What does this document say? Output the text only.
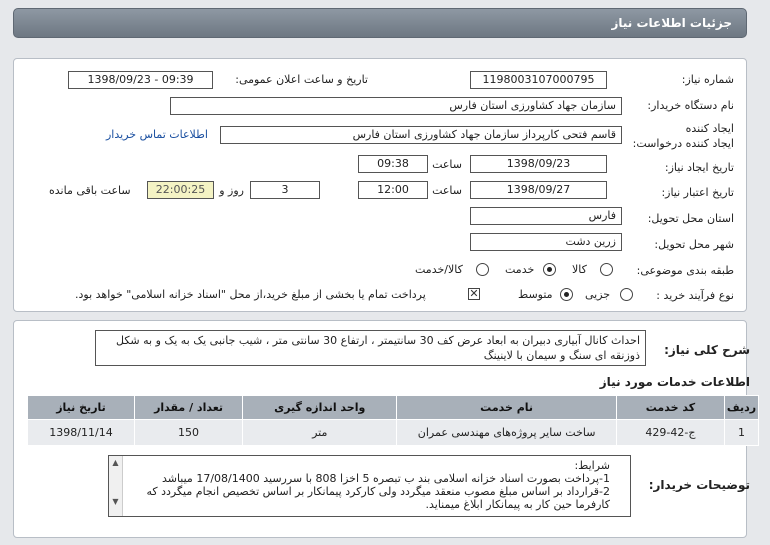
جزئیات اطلاعات نیاز
شماره نیاز:
1198003107000795
تاریخ و ساعت اعلان عمومی:
1398/09/23 - 09:39
نام دستگاه خریدار:
سازمان جهاد کشاورزی استان فارس
ایجاد کننده
ایجاد کننده درخواست:
قاسم فتحی کارپرداز سازمان جهاد کشاورزی استان فارس
اطلاعات تماس خریدار
تاریخ ایجاد نیاز:
1398/09/23
ساعت
09:38
تاریخ اعتبار نیاز:
1398/09/27
ساعت
12:00
3
روز و
22:00:25
ساعت باقی مانده
استان محل تحویل:
فارس
شهر محل تحویل:
زرین دشت
طبقه بندی موضوعی:
کالا
خدمت
کالا/خدمت
نوع فرآیند خرید :
جزیی
متوسط
✕
پرداخت تمام یا بخشی از مبلغ خرید،از محل "اسناد خزانه اسلامی" خواهد بود.
شرح کلی نیاز:
احداث کانال آبیاری دبیران به ابعاد عرض کف 30 سانتیمتر ، ارتفاع 30 سانتی متر ، شیب جانبی یک به یک و به شکل ذوزنقه ای سنگ و سیمان با لاینینگ
اطلاعات خدمات مورد نیاز
ردیف	کد خدمت	نام خدمت	واحد اندازه گیری	تعداد / مقدار	تاریخ نیاز
1	ج-42-429	ساخت سایر پروژه‌های مهندسی عمران	متر	150	1398/11/14
توضیحات خریدار:
▲

▼
شرایط:
1-پرداخت بصورت اسناد خزانه اسلامی بند ب تبصره 5 اخزا 808 با سررسید 17/08/1400 میباشد
2-قرارداد بر اساس مبلغ مصوب منعقد میگردد ولی کارکرد پیمانکار بر اساس تخصیص انجام میگردد که کارفرما حین کار به پیمانکار ابلاغ میمناید.
